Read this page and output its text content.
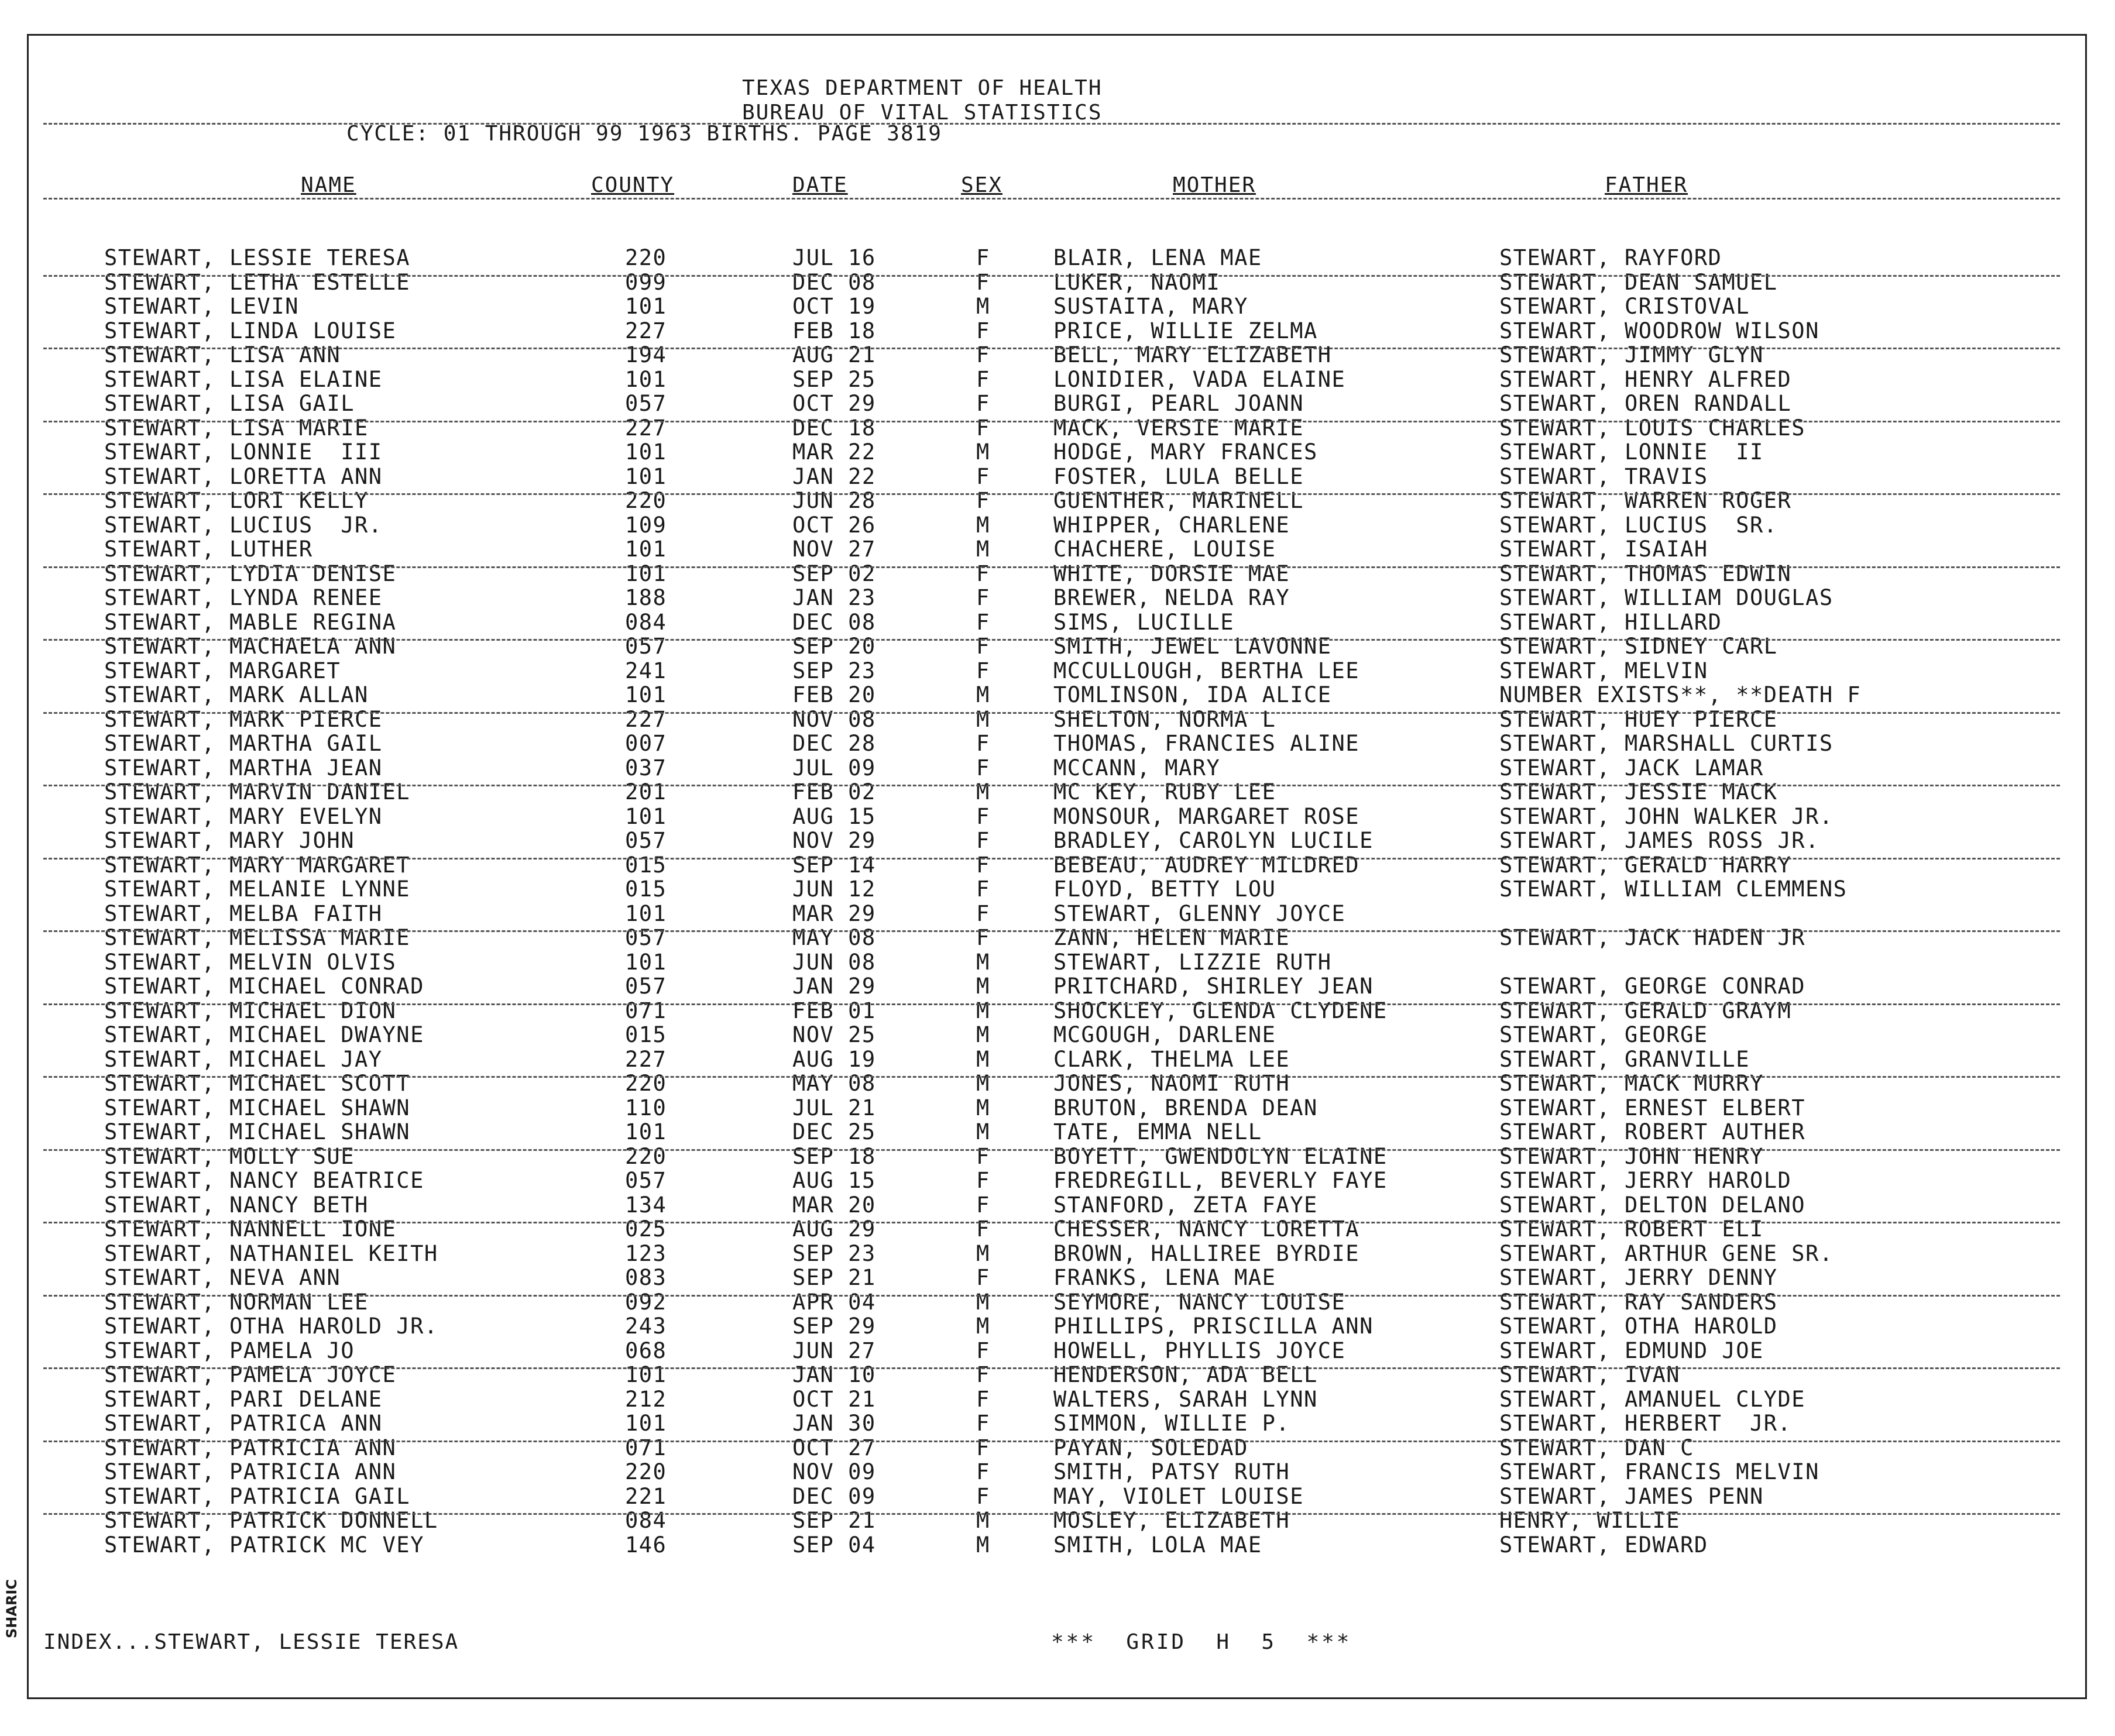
TEXAS DEPARTMENT OF HEALTH
BUREAU OF VITAL STATISTICS
CYCLE: 01 THROUGH 99 1963 BIRTHS. PAGE 3819
NAME	COUNTY	DATE	SEX	MOTHER	FATHER
STEWART, LESSIE TERESA	220	JUL 16	F	BLAIR, LENA MAE	STEWART, RAYFORD
STEWART, LETHA ESTELLE	099	DEC 08	F	LUKER, NAOMI	STEWART, DEAN SAMUEL
STEWART, LEVIN	101	OCT 19	M	SUSTAITA, MARY	STEWART, CRISTOVAL
STEWART, LINDA LOUISE	227	FEB 18	F	PRICE, WILLIE ZELMA	STEWART, WOODROW WILSON
STEWART, LISA ANN	194	AUG 21	F	BELL, MARY ELIZABETH	STEWART, JIMMY GLYN
STEWART, LISA ELAINE	101	SEP 25	F	LONIDIER, VADA ELAINE	STEWART, HENRY ALFRED
STEWART, LISA GAIL	057	OCT 29	F	BURGI, PEARL JOANN	STEWART, OREN RANDALL
STEWART, LISA MARIE	227	DEC 18	F	MACK, VERSIE MARIE	STEWART, LOUIS CHARLES
STEWART, LONNIE  III	101	MAR 22	M	HODGE, MARY FRANCES	STEWART, LONNIE  II
STEWART, LORETTA ANN	101	JAN 22	F	FOSTER, LULA BELLE	STEWART, TRAVIS
STEWART, LORI KELLY	220	JUN 28	F	GUENTHER, MARINELL	STEWART, WARREN ROGER
STEWART, LUCIUS  JR.	109	OCT 26	M	WHIPPER, CHARLENE	STEWART, LUCIUS  SR.
STEWART, LUTHER	101	NOV 27	M	CHACHERE, LOUISE	STEWART, ISAIAH
STEWART, LYDIA DENISE	101	SEP 02	F	WHITE, DORSIE MAE	STEWART, THOMAS EDWIN
STEWART, LYNDA RENEE	188	JAN 23	F	BREWER, NELDA RAY	STEWART, WILLIAM DOUGLAS
STEWART, MABLE REGINA	084	DEC 08	F	SIMS, LUCILLE	STEWART, HILLARD
STEWART, MACHAELA ANN	057	SEP 20	F	SMITH, JEWEL LAVONNE	STEWART, SIDNEY CARL
STEWART, MARGARET	241	SEP 23	F	MCCULLOUGH, BERTHA LEE	STEWART, MELVIN
STEWART, MARK ALLAN	101	FEB 20	M	TOMLINSON, IDA ALICE	NUMBER EXISTS**, **DEATH F
STEWART, MARK PIERCE	227	NOV 08	M	SHELTON, NORMA L	STEWART, HUEY PIERCE
STEWART, MARTHA GAIL	007	DEC 28	F	THOMAS, FRANCIES ALINE	STEWART, MARSHALL CURTIS
STEWART, MARTHA JEAN	037	JUL 09	F	MCCANN, MARY	STEWART, JACK LAMAR
STEWART, MARVIN DANIEL	201	FEB 02	M	MC KEY, RUBY LEE	STEWART, JESSIE MACK
STEWART, MARY EVELYN	101	AUG 15	F	MONSOUR, MARGARET ROSE	STEWART, JOHN WALKER JR.
STEWART, MARY JOHN	057	NOV 29	F	BRADLEY, CAROLYN LUCILE	STEWART, JAMES ROSS JR.
STEWART, MARY MARGARET	015	SEP 14	F	BEBEAU, AUDREY MILDRED	STEWART, GERALD HARRY
STEWART, MELANIE LYNNE	015	JUN 12	F	FLOYD, BETTY LOU	STEWART, WILLIAM CLEMMENS
STEWART, MELBA FAITH	101	MAR 29	F	STEWART, GLENNY JOYCE
STEWART, MELISSA MARIE	057	MAY 08	F	ZANN, HELEN MARIE	STEWART, JACK HADEN JR
STEWART, MELVIN OLVIS	101	JUN 08	M	STEWART, LIZZIE RUTH
STEWART, MICHAEL CONRAD	057	JAN 29	M	PRITCHARD, SHIRLEY JEAN	STEWART, GEORGE CONRAD
STEWART, MICHAEL DION	071	FEB 01	M	SHOCKLEY, GLENDA CLYDENE	STEWART, GERALD GRAYM
STEWART, MICHAEL DWAYNE	015	NOV 25	M	MCGOUGH, DARLENE	STEWART, GEORGE
STEWART, MICHAEL JAY	227	AUG 19	M	CLARK, THELMA LEE	STEWART, GRANVILLE
STEWART, MICHAEL SCOTT	220	MAY 08	M	JONES, NAOMI RUTH	STEWART, MACK MURRY
STEWART, MICHAEL SHAWN	110	JUL 21	M	BRUTON, BRENDA DEAN	STEWART, ERNEST ELBERT
STEWART, MICHAEL SHAWN	101	DEC 25	M	TATE, EMMA NELL	STEWART, ROBERT AUTHER
STEWART, MOLLY SUE	220	SEP 18	F	BOYETT, GWENDOLYN ELAINE	STEWART, JOHN HENRY
STEWART, NANCY BEATRICE	057	AUG 15	F	FREDREGILL, BEVERLY FAYE	STEWART, JERRY HAROLD
STEWART, NANCY BETH	134	MAR 20	F	STANFORD, ZETA FAYE	STEWART, DELTON DELANO
STEWART, NANNELL IONE	025	AUG 29	F	CHESSER, NANCY LORETTA	STEWART, ROBERT ELI
STEWART, NATHANIEL KEITH	123	SEP 23	M	BROWN, HALLIREE BYRDIE	STEWART, ARTHUR GENE SR.
STEWART, NEVA ANN	083	SEP 21	F	FRANKS, LENA MAE	STEWART, JERRY DENNY
STEWART, NORMAN LEE	092	APR 04	M	SEYMORE, NANCY LOUISE	STEWART, RAY SANDERS
STEWART, OTHA HAROLD JR.	243	SEP 29	M	PHILLIPS, PRISCILLA ANN	STEWART, OTHA HAROLD
STEWART, PAMELA JO	068	JUN 27	F	HOWELL, PHYLLIS JOYCE	STEWART, EDMUND JOE
STEWART, PAMELA JOYCE	101	JAN 10	F	HENDERSON, ADA BELL	STEWART, IVAN
STEWART, PARI DELANE	212	OCT 21	F	WALTERS, SARAH LYNN	STEWART, AMANUEL CLYDE
STEWART, PATRICA ANN	101	JAN 30	F	SIMMON, WILLIE P.	STEWART, HERBERT  JR.
STEWART, PATRICIA ANN	071	OCT 27	F	PAYAN, SOLEDAD	STEWART, DAN C
STEWART, PATRICIA ANN	220	NOV 09	F	SMITH, PATSY RUTH	STEWART, FRANCIS MELVIN
STEWART, PATRICIA GAIL	221	DEC 09	F	MAY, VIOLET LOUISE	STEWART, JAMES PENN
STEWART, PATRICK DONNELL	084	SEP 21	M	MOSLEY, ELIZABETH	HENRY, WILLIE
STEWART, PATRICK MC VEY	146	SEP 04	M	SMITH, LOLA MAE	STEWART, EDWARD
INDEX...STEWART, LESSIE TERESA	***  GRID  H  5  ***
SHARIC
